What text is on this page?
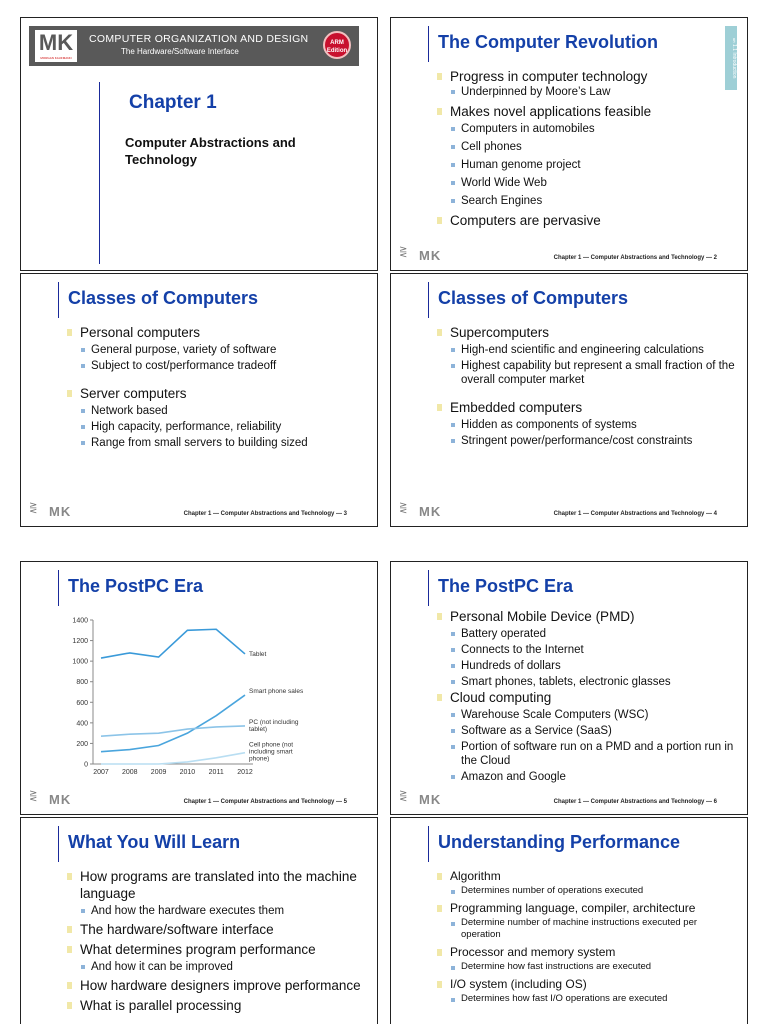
MK
MORGAN KAUFMANN
COMPUTER ORGANIZATION AND DESIGN
The Hardware/Software Interface
ARM
Edition
Chapter 1
Computer Abstractions and Technology
The Computer Revolution	§1.1 Introduction
Progress in computer technology
Underpinned by Moore’s Law
Makes novel applications feasible
Computers in automobiles
Cell phones
Human genome project
World Wide Web
Search Engines
Computers are pervasive
⋛ MK	Chapter 1 — Computer Abstractions and Technology — 2
Classes of Computers
Personal computers
General purpose, variety of software
Subject to cost/performance tradeoff
Server computers
Network based
High capacity, performance, reliability
Range from small servers to building sized
⋛ MK	Chapter 1 — Computer Abstractions and Technology — 3
Classes of Computers
Supercomputers
High-end scientific and engineering calculations
Highest capability but represent a small fraction of the overall computer market
Embedded computers
Hidden as components of systems
Stringent power/performance/cost constraints
⋛ MK	Chapter 1 — Computer Abstractions and Technology — 4
The PostPC Era
0
200
400
600
800
1000
1200
1400
2007 2008 2009 2010 2011 2012
Tablet
Smart phone sales
PC (not including tablet)
Cell phone (not including smart phone)
⋛ MK	Chapter 1 — Computer Abstractions and Technology — 5
The PostPC Era
Personal Mobile Device (PMD)
Battery operated
Connects to the Internet
Hundreds of dollars
Smart phones, tablets, electronic glasses
Cloud computing
Warehouse Scale Computers (WSC)
Software as a Service (SaaS)
Portion of software run on a PMD and a portion run in the Cloud
Amazon and Google
⋛ MK	Chapter 1 — Computer Abstractions and Technology — 6
What You Will Learn
How programs are translated into the machine language
And how the hardware executes them
The hardware/software interface
What determines program performance
And how it can be improved
How hardware designers improve performance
What is parallel processing
Understanding Performance
Algorithm
Determines number of operations executed
Programming language, compiler, architecture
Determine number of machine instructions executed per operation
Processor and memory system
Determine how fast instructions are executed
I/O system (including OS)
Determines how fast I/O operations are executed
